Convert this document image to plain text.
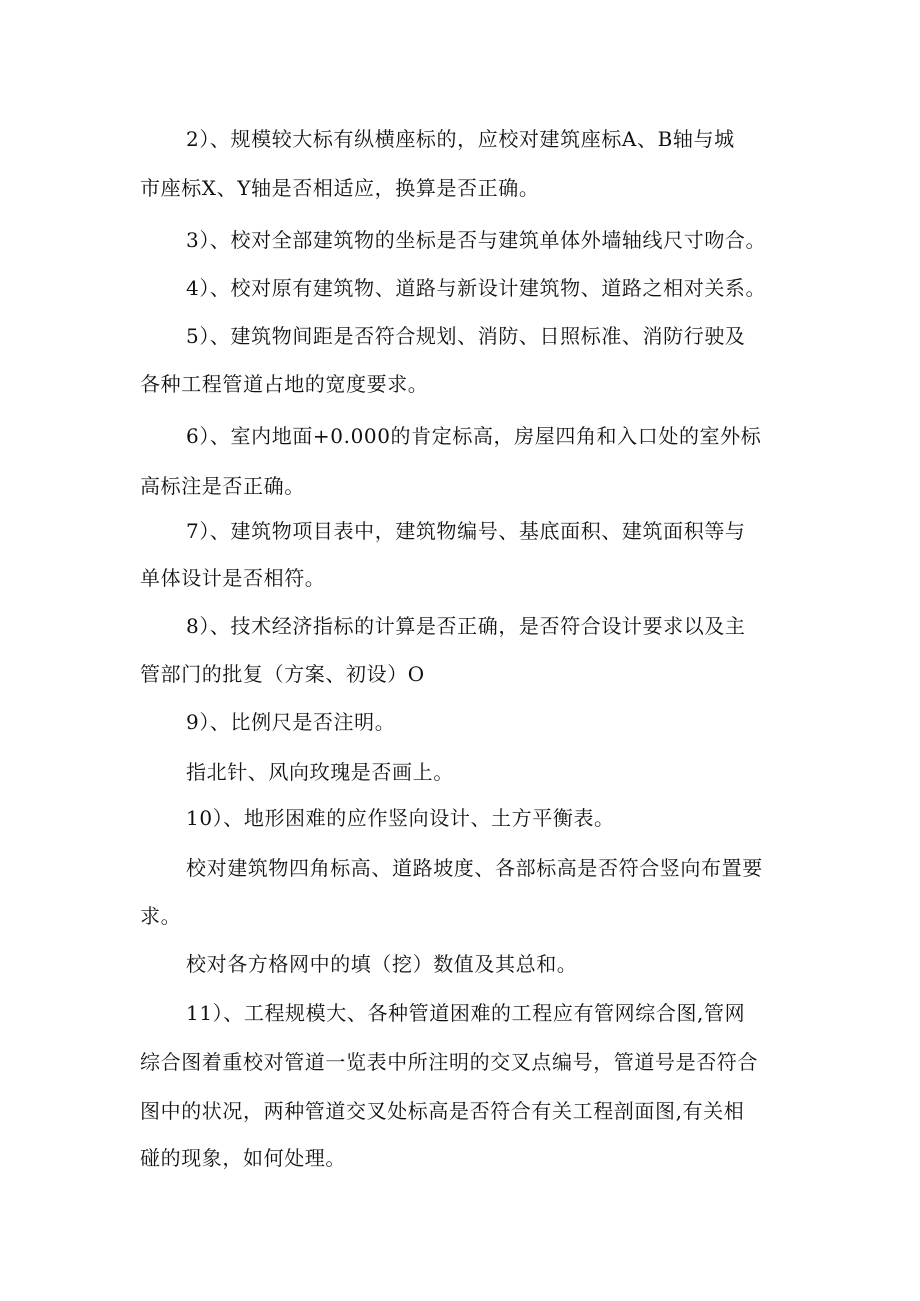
2）、规模较大标有纵横座标的，应校对建筑座标A、B轴与城
市座标X、Y轴是否相适应，换算是否正确。
3）、校对全部建筑物的坐标是否与建筑单体外墙轴线尺寸吻合。
4）、校对原有建筑物、道路与新设计建筑物、道路之相对关系。
5）、建筑物间距是否符合规划、消防、日照标准、消防行驶及
各种工程管道占地的宽度要求。
6）、室内地面+0.000的肯定标高，房屋四角和入口处的室外标
高标注是否正确。
7）、建筑物项目表中，建筑物编号、基底面积、建筑面积等与
单体设计是否相符。
8）、技术经济指标的计算是否正确，是否符合设计要求以及主
管部门的批复（方案、初设）O
9）、比例尺是否注明。
指北针、风向玫瑰是否画上。
10）、地形困难的应作竖向设计、土方平衡表。
校对建筑物四角标高、道路坡度、各部标高是否符合竖向布置要
求。
校对各方格网中的填（挖）数值及其总和。
11）、工程规模大、各种管道困难的工程应有管网综合图,管网
综合图着重校对管道一览表中所注明的交叉点编号，管道号是否符合
图中的状况，两种管道交叉处标高是否符合有关工程剖面图,有关相
碰的现象，如何处理。
